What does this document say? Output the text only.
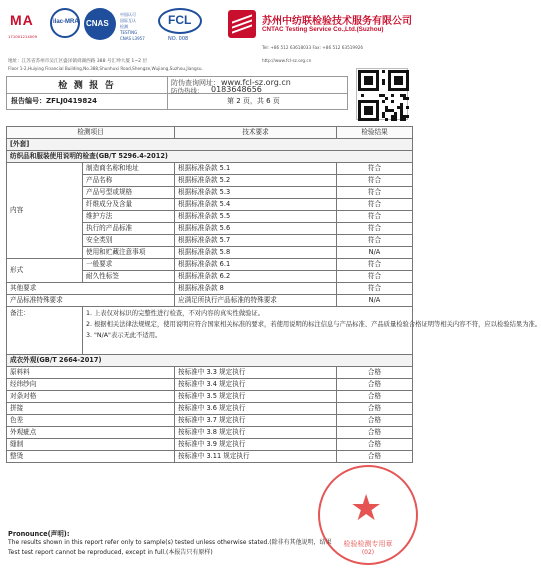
MA
171001214009
ilac-MRA CNAS
中国认可
国际互认
检测
TESTING
CNAS L3957
FCL
NO. 008
苏州中纺联检验技术服务有限公司
CNTAC Testing Service Co.,Ltd.(Suzhou)
Tel: +86 512 63618033 Fax: +86 512 63519926
http://www.fcl-sz.org.cn
地址：江苏省苏州市吴江区盛泽镇舜湖西路 388 号汇坤大厦 1~2 层
Floor 1-2,Huiying Financial Building,No.388,Shunhuxi Road,Shengze,Wujiang,Suzhou,Jiangsu.
检 测 报 告	防伪查询网址： www.fcl-sz.org.cn
防伪热线： 0183648656
报告编号：ZFLJ0419824	第 2 页，共 6 页
检测项目		技术要求	检验结果
[外套]			
纺织品和服装使用说明的检查(GB/T 5296.4-2012)			
内容	制造商名称和地址	根据标准条款 5.1	符合
	产品名称	根据标准条款 5.2	符合
	产品号型或规格	根据标准条款 5.3	符合
	纤维成分及含量	根据标准条款 5.4	符合
	维护方法	根据标准条款 5.5	符合
	执行的产品标准	根据标准条款 5.6	符合
	安全类别	根据标准条款 5.7	符合
	使用和贮藏注意事项	根据标准条款 5.8	N/A
形式	一般要求	根据标准条款 6.1	符合
	耐久性标签	根据标准条款 6.2	符合
其他要求		根据标准条款 8	符合
产品标准特殊要求		应满足所执行产品标准的特殊要求	N/A
备注：	1. 上表仅对标识的完整性进行检查，不对内容的真实性做验证。
2. 根据相关法律法规规定，使用说明应符合国家相关标准的要求，若使用说明的标注信息与产品标准、产品质量检验合格证明等相关内容不符，应以检验结果为准。
3. "N/A"表示无此不适用。		

成衣外观(GB/T 2664-2017)			
原料料		按标准中 3.3 规定执行	合格
经纬纱向		按标准中 3.4 规定执行	合格
对条对格		按标准中 3.5 规定执行	合格
拼接		按标准中 3.6 规定执行	合格
色差		按标准中 3.7 规定执行	合格
外观疵点		按标准中 3.8 规定执行	合格
缝制		按标准中 3.9 规定执行	合格
整烫		按标准中 3.11 规定执行	合格
Pronounce(声明):
The results shown in this report refer only to sample(s) tested unless otherwise stated.(除非有其他说明，结果
Test test report cannot be reproduced, except in full.(本报告只有原样)
★
检验检测专用章
(02)
